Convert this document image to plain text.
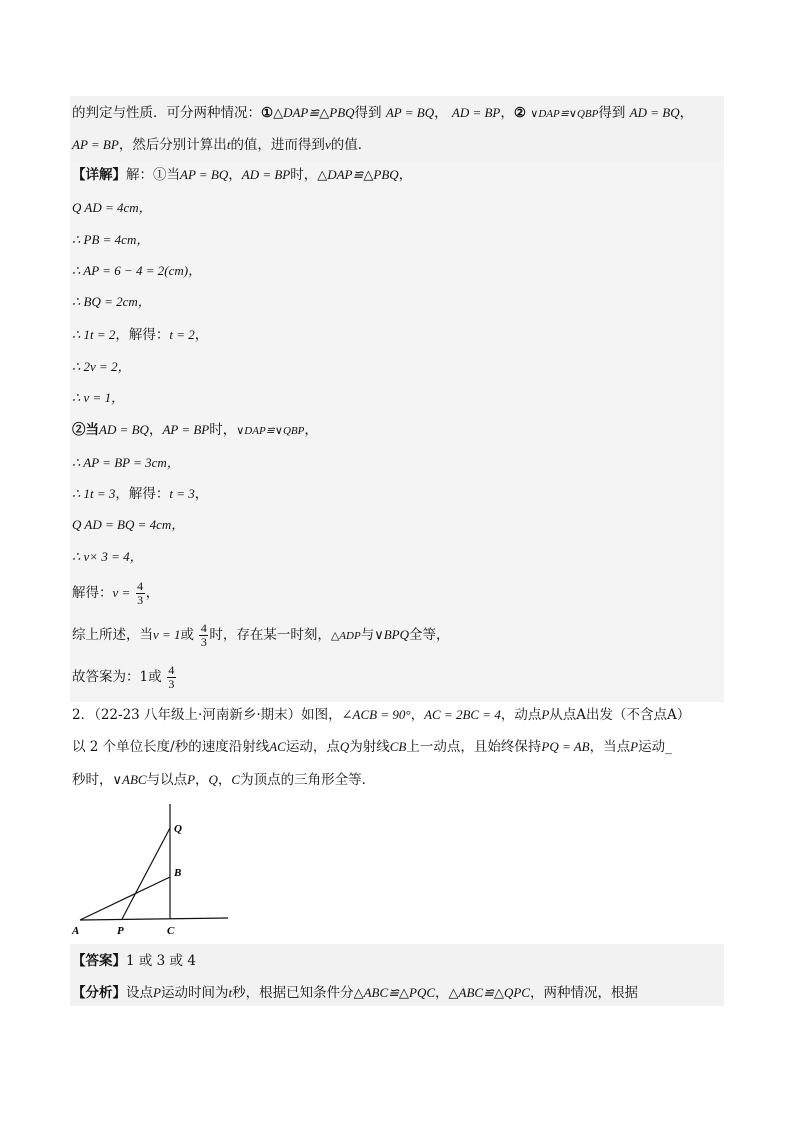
的判定与性质．可分两种情况：①△DAP≌△PBQ得到 AP = BQ， AD = BP，② ∨DAP≌∨QBP得到 AD = BQ，
AP = BP，然后分别计算出t的值，进而得到v的值．
【详解】解：①当AP = BQ，AD = BP时，△DAP≌△PBQ，
Q AD = 4cm，
∴ PB = 4cm，
∴ AP = 6 − 4 = 2(cm)，
∴ BQ = 2cm，
∴ 1t = 2，解得：t = 2，
∴ 2v = 2，
∴ v = 1，
②当AD = BQ，AP = BP时，∨DAP≌∨QBP，
∴ AP = BP = 3cm，
∴ 1t = 3，解得：t = 3，
Q AD = BQ = 4cm，
∴ v× 3 = 4，
解得：$v = \frac{4}{3}$ ，
综上所述，当v = 1或 $\frac{4}{3}$ 时，存在某一时刻，△ADP与∨BPQ全等，
故答案为：1或 $\frac{4}{3}$
2．（22-23 八年级上·河南新乡·期末）如图，∠ACB = 90°，AC = 2BC = 4，动点P从点A出发（不含点A）
以 2 个单位长度/秒的速度沿射线AC运动，点Q为射线CB上一动点，且始终保持PQ = AB，当点P运动_
秒时，∨ABC与以点P，Q，C为顶点的三角形全等．
A	P	C
B
Q
【答案】1 或 3 或 4
【分析】设点P运动时间为t秒，根据已知条件分△ABC≌△PQC，△ABC≌△QPC，两种情况，根据
